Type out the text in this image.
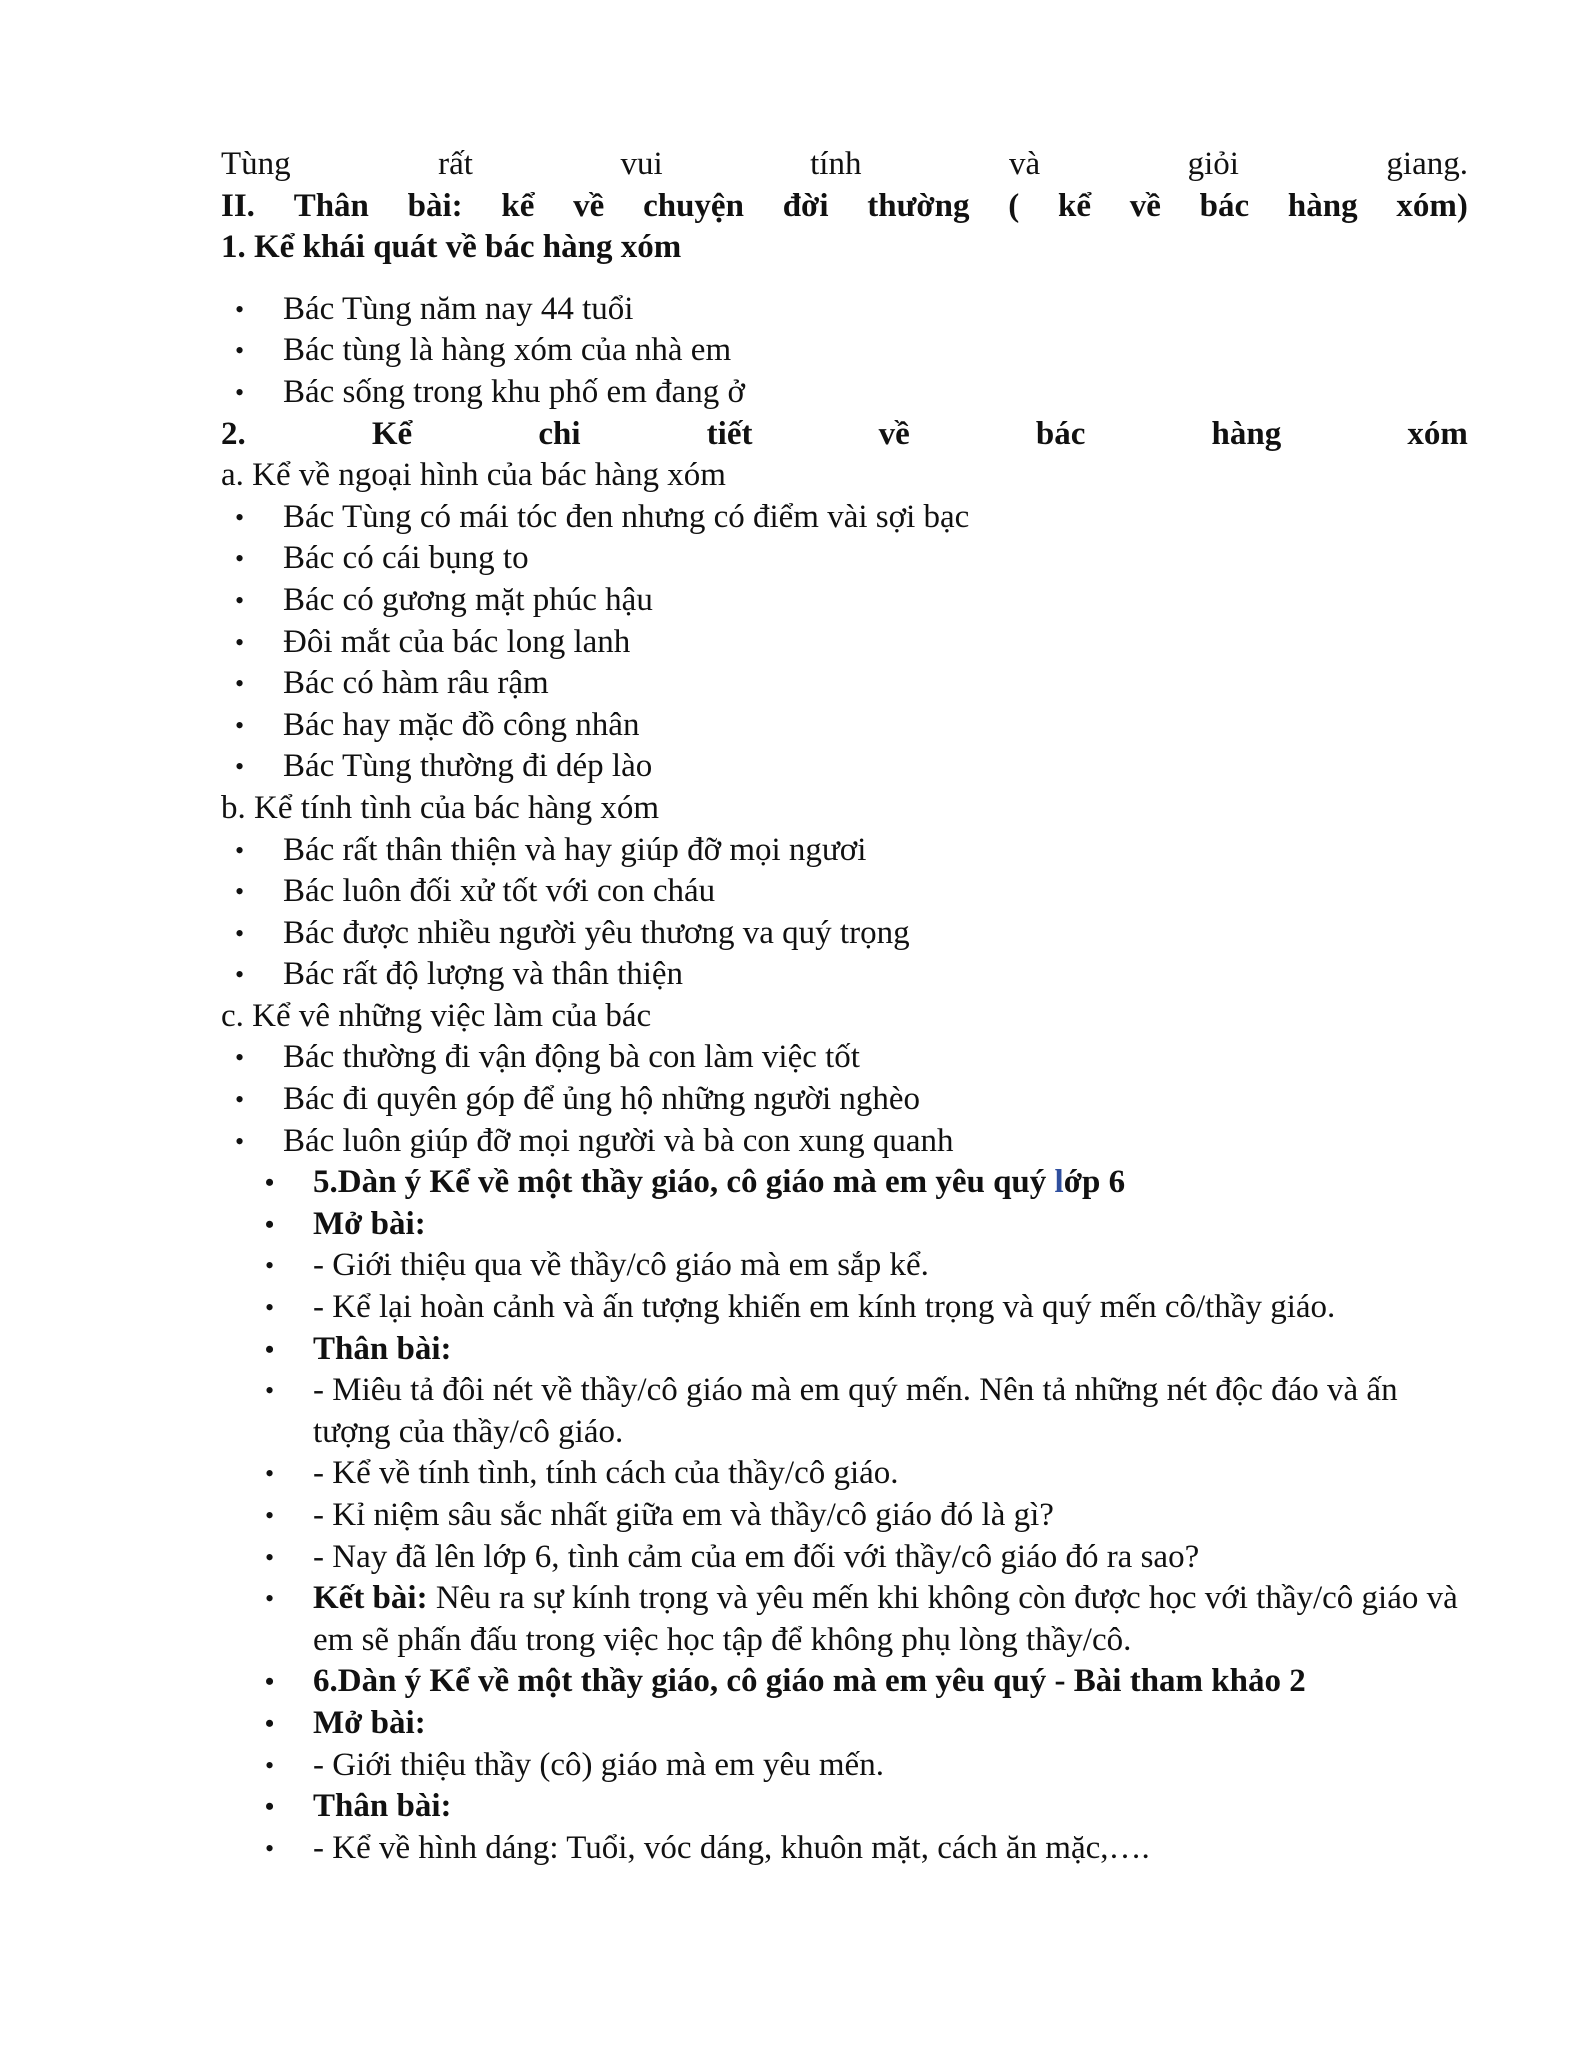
Tùng	rất	vui	tính	và	giỏi	giang.
II. Thân bài: kể về chuyện đời thường ( kể về bác hàng xóm)
1. Kể khái quát về bác hàng xóm
• Bác Tùng năm nay 44 tuổi
• Bác tùng là hàng xóm của nhà em
• Bác sống trong khu phố em đang ở
2.	Kể	chi	tiết	về	bác	hàng	xóm
a. Kể về ngoại hình của bác hàng xóm
• Bác Tùng có mái tóc đen nhưng có điểm vài sợi bạc
• Bác có cái bụng to
• Bác có gương mặt phúc hậu
• Đôi mắt của bác long lanh
• Bác có hàm râu rậm
• Bác hay mặc đồ công nhân
• Bác Tùng thường đi dép lào
b. Kể tính tình của bác hàng xóm
• Bác rất thân thiện và hay giúp đỡ mọi ngươi
• Bác luôn đối xử tốt với con cháu
• Bác được nhiều người yêu thương va quý trọng
• Bác rất độ lượng và thân thiện
c. Kể vê những việc làm của bác
• Bác thường đi vận động bà con làm việc tốt
• Bác đi quyên góp để ủng hộ những người nghèo
• Bác luôn giúp đỡ mọi người và bà con xung quanh
• 5.Dàn ý Kể về một thầy giáo, cô giáo mà em yêu quý lớp 6
• Mở bài:
• - Giới thiệu qua về thầy/cô giáo mà em sắp kể.
• - Kể lại hoàn cảnh và ấn tượng khiến em kính trọng và quý mến cô/thầy giáo.
• Thân bài:
• - Miêu tả đôi nét về thầy/cô giáo mà em quý mến. Nên tả những nét độc đáo và ấn tượng của thầy/cô giáo.
• - Kể về tính tình, tính cách của thầy/cô giáo.
• - Kỉ niệm sâu sắc nhất giữa em và thầy/cô giáo đó là gì?
• - Nay đã lên lớp 6, tình cảm của em đối với thầy/cô giáo đó ra sao?
• Kết bài: Nêu ra sự kính trọng và yêu mến khi không còn được học với thầy/cô giáo và em sẽ phấn đấu trong việc học tập để không phụ lòng thầy/cô.
• 6.Dàn ý Kể về một thầy giáo, cô giáo mà em yêu quý - Bài tham khảo 2
• Mở bài:
• - Giới thiệu thầy (cô) giáo mà em yêu mến.
• Thân bài:
• - Kể về hình dáng: Tuổi, vóc dáng, khuôn mặt, cách ăn mặc,….
